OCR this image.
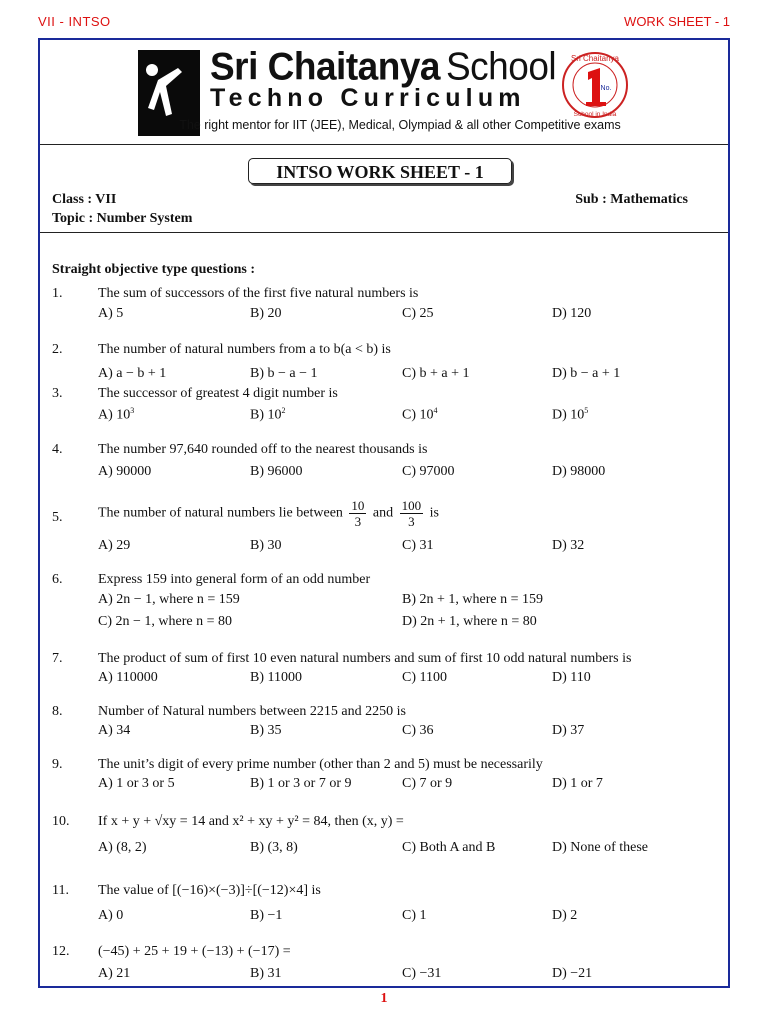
VII - INTSO	WORK SHEET - 1
Sri Chaitanya School
Techno Curriculum
Sri Chaitanya
No.
School in India
The right mentor for IIT (JEE), Medical, Olympiad & all other Competitive exams
INTSO WORK SHEET - 1
Class : VII
Topic : Number System
Sub : Mathematics
Straight objective type questions :
1.	The sum of successors of the first five natural numbers is
A) 5	B) 20	C) 25	D) 120
2.	The number of natural numbers from a to b(a < b) is
A) a − b + 1	B) b − a − 1	C) b + a + 1	D) b − a + 1
3.	The successor of greatest 4 digit number is
A) $10^3$	B) $10^2$	C) $10^4$	D) $10^5$
4.	The number 97,640 rounded off to the nearest thousands is
A) 90000	B) 96000	C) 97000	D) 98000
5.	The number of natural numbers lie between $\frac{10}{3}$ and $\frac{100}{3}$ is
A) 29	B) 30	C) 31	D) 32
6.	Express 159 into general form of an odd number
A) 2n − 1, where n = 159	B) 2n + 1, where n = 159
C) 2n − 1, where n = 80	D) 2n + 1, where n = 80
7.	The product of sum of first 10 even natural numbers and sum of first 10 odd natural numbers is
A) 110000	B) 11000	C) 1100	D) 110
8.	Number of Natural numbers between 2215 and 2250 is
A) 34	B) 35	C) 36	D) 37
9.	The unit’s digit of every prime number (other than 2 and 5) must be necessarily
A) 1 or 3 or 5	B) 1 or 3 or 7 or 9	C) 7 or 9	D) 1 or 7
10. If x + y + √xy = 14 and x² + xy + y² = 84, then (x, y) =
A) (8, 2)	B) (3, 8)	C) Both A and B	D) None of these
11. The value of [(−16)×(−3)]÷[(−12)×4] is
A) 0	B) −1	C) 1	D) 2
12. (−45) + 25 + 19 + (−13) + (−17) =
A) 21	B) 31	C) −31	D) −21
1
